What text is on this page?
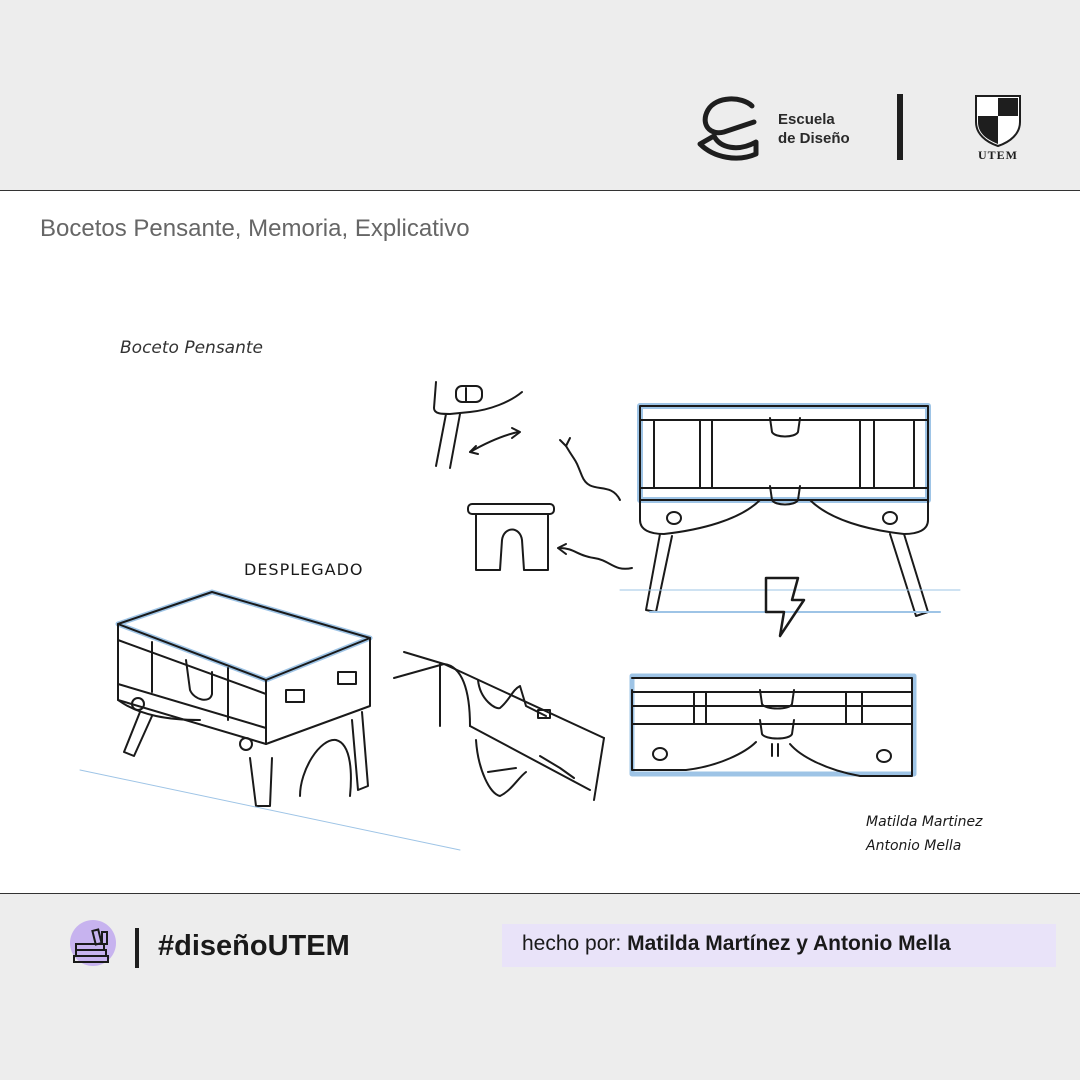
Escuela
de Diseño
UTEM
Bocetos Pensante, Memoria, Explicativo
Boceto Pensante
DESPLEGADO
Matilda Martinez
Antonio Mella
#diseñoUTEM	hecho por: Matilda Martínez y Antonio Mella
